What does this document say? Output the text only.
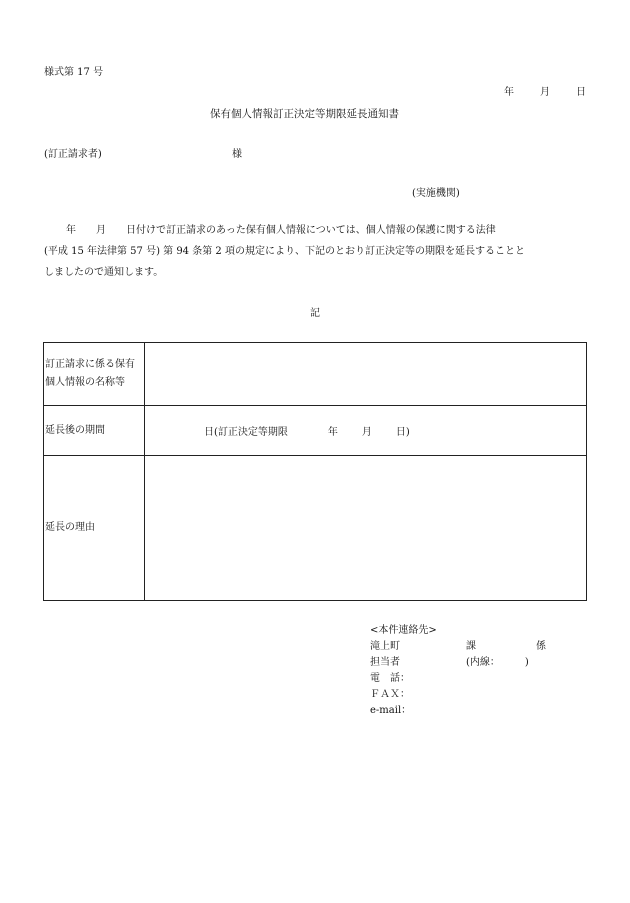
様式第 17 号
年	月	日
保有個人情報訂正決定等期限延長通知書
(訂正請求者)	様
(実施機関)
年　　月　　日付けで訂正請求のあった保有個人情報については、個人情報の保護に関する法律
(平成 15 年法律第 57 号) 第 94 条第 2 項の規定により、下記のとおり訂正決定等の期限を延長することと
しましたので通知します。
記
訂正請求に係る保有個人情報の名称等	
延長後の期間	日(訂正決定等期限 年 月 日)
延長の理由	
<本件連絡先>
滝上町	課	係
担当者	(内線：　　　)
電　話：
ＦＡＸ：
e-mail：
